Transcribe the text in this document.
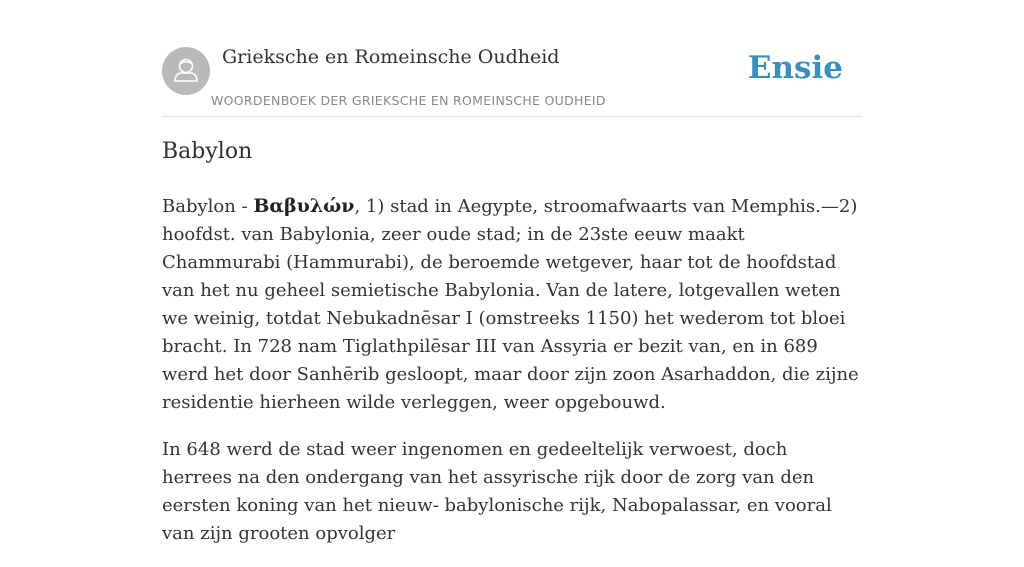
Grieksche en Romeinsche Oudheid
WOORDENBOEK DER GRIEKSCHE EN ROMEINSCHE OUDHEID
Ensie
Babylon

Babylon - Βαβυλών, 1) stad in Aegypte, stroomafwaarts van Memphis.—2) hoofdst. van Babylonia, zeer oude stad; in de 23ste eeuw maakt Chammurabi (Hammurabi), de beroemde wetgever, haar tot de hoofdstad van het nu geheel semietische Babylonia. Van de latere, lotgevallen weten we weinig, totdat Nebukadnēsar I (omstreeks 1150) het wederom tot bloei bracht. In 728 nam Tiglathpilēsar III van Assyria er bezit van, en in 689 werd het door Sanhērib gesloopt, maar door zijn zoon Asarhaddon, die zijne residentie hierheen wilde verleggen, weer opgebouwd.

In 648 werd de stad weer ingenomen en gedeeltelijk verwoest, doch herrees na den ondergang van het assyrische rijk door de zorg van den eersten koning van het nieuw- babylonische rijk, Nabopalassar, en vooral van zijn grooten opvolger
